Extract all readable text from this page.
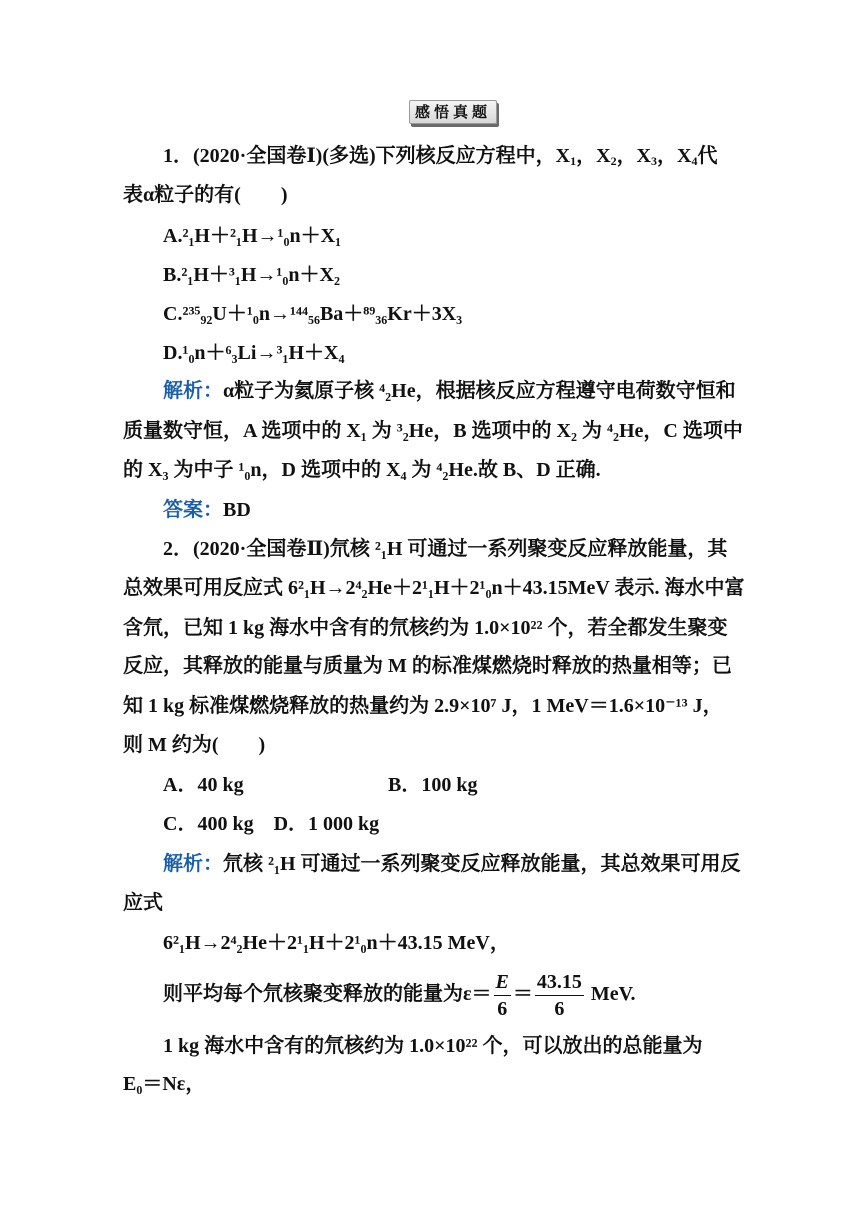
感悟真题
1．(2020·全国卷Ⅰ)(多选)下列核反应方程中，$X_1$，$X_2$，$X_3$，$X_4$代
表α粒子的有(　　)
A.²₁H＋²₁H→¹₀n＋X₁
B.²₁H＋³₁H→¹₀n＋X₂
C.²³⁵₉₂U＋¹₀n→¹⁴⁴₅₆Ba＋⁸⁹₃₆Kr＋3X₃
D.¹₀n＋⁶₃Li→³₁H＋X₄
解析：α粒子为氦原子核 ⁴₂He，根据核反应方程遵守电荷数守恒和
质量数守恒，A 选项中的 X₁ 为 ³₂He，B 选项中的 X₂ 为 ⁴₂He，C 选项中
的 X₃ 为中子 ¹₀n，D 选项中的 X₄ 为 ⁴₂He.故 B、D 正确.
答案：BD
2．(2020·全国卷Ⅱ)氘核 ²₁H 可通过一系列聚变反应释放能量，其
总效果可用反应式 6²₁H→2⁴₂He＋2¹₁H＋2¹₀n＋43.15MeV 表示. 海水中富
含氘，已知 1 kg 海水中含有的氘核约为 1.0×10²² 个，若全都发生聚变
反应，其释放的能量与质量为 M 的标准煤燃烧时释放的热量相等；已
知 1 kg 标准煤燃烧释放的热量约为 2.9×10⁷ J，1 MeV＝1.6×10⁻¹³ J，
则 M 约为(　　)
A．40 kg	B．100 kg
C．400 kg　D．1 000 kg
解析：氘核 ²₁H 可通过一系列聚变反应释放能量，其总效果可用反
应式
6²₁H→2⁴₂He＋2¹₁H＋2¹₀n＋43.15 MeV，
则平均每个氘核聚变释放的能量为$\varepsilon= \frac{E}{6} = \frac{43.15}{6}$ MeV.
1 kg 海水中含有的氘核约为 1.0×10²² 个，可以放出的总能量为
E₀＝Nε，
